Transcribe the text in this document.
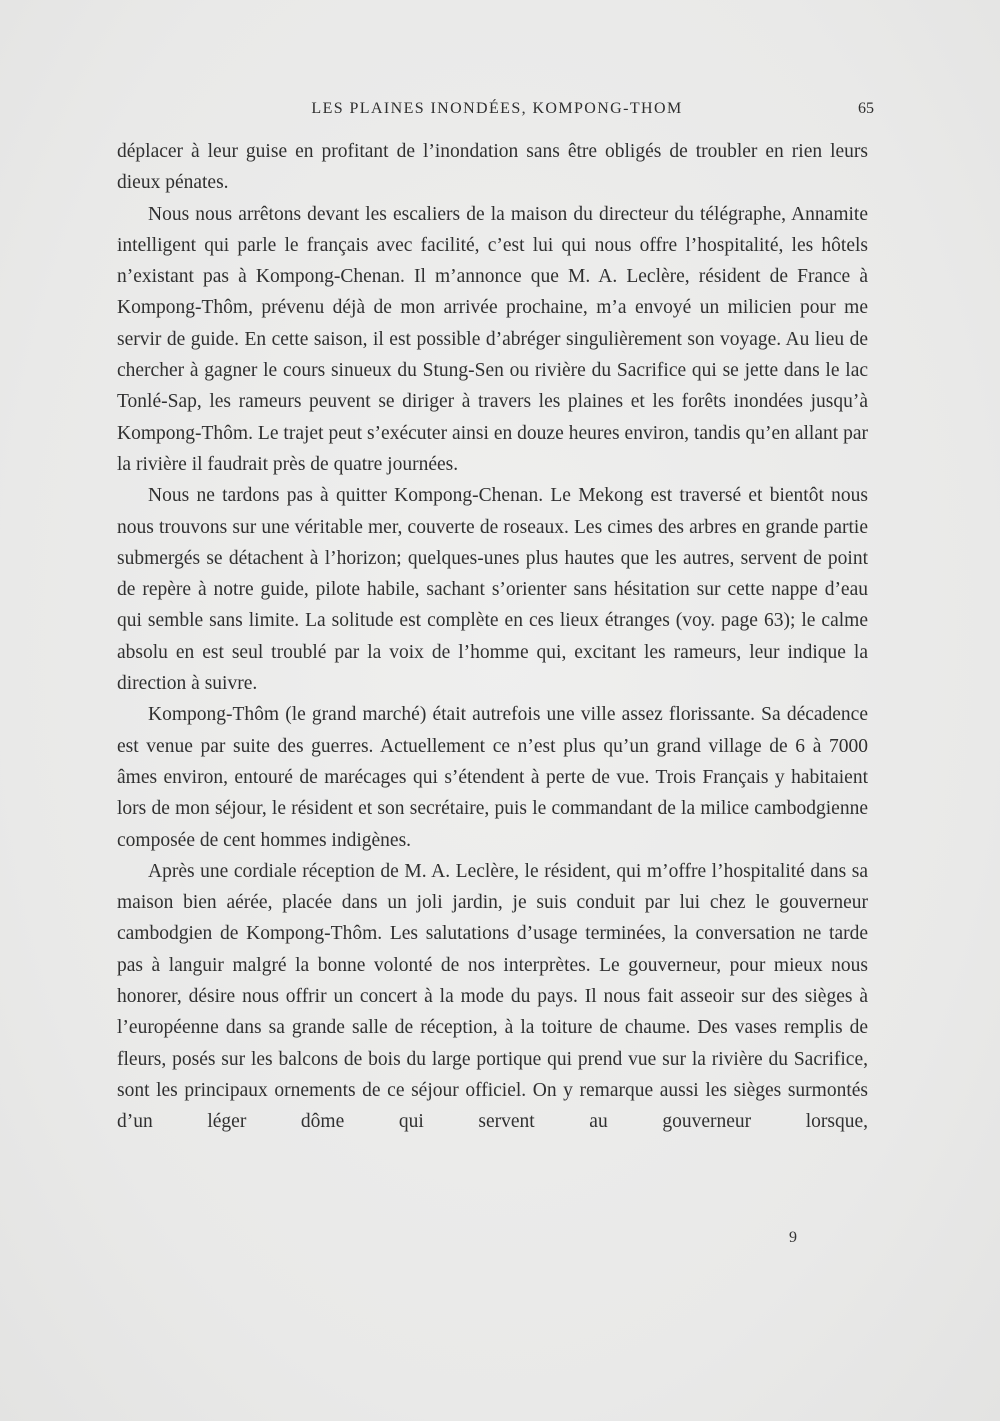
LES PLAINES INONDÉES, KOMPONG-THOM	65

déplacer à leur guise en profitant de l’inondation sans être obligés de troubler en rien leurs dieux pénates.

Nous nous arrêtons devant les escaliers de la maison du directeur du télégraphe, Annamite intelligent qui parle le français avec facilité, c’est lui qui nous offre l’hospitalité, les hôtels n’existant pas à Kompong-Chenan. Il m’annonce que M. A. Leclère, résident de France à Kompong-Thôm, prévenu déjà de mon arrivée prochaine, m’a envoyé un milicien pour me servir de guide. En cette saison, il est possible d’abréger singulièrement son voyage. Au lieu de chercher à gagner le cours sinueux du Stung-Sen ou rivière du Sacrifice qui se jette dans le lac Tonlé-Sap, les rameurs peuvent se diriger à travers les plaines et les forêts inondées jusqu’à Kompong-Thôm. Le trajet peut s’exécuter ainsi en douze heures environ, tandis qu’en allant par la rivière il faudrait près de quatre journées.

Nous ne tardons pas à quitter Kompong-Chenan. Le Mekong est traversé et bientôt nous nous trouvons sur une véritable mer, couverte de roseaux. Les cimes des arbres en grande partie submergés se détachent à l’horizon; quelques-unes plus hautes que les autres, servent de point de repère à notre guide, pilote habile, sachant s’orienter sans hésitation sur cette nappe d’eau qui semble sans limite. La solitude est complète en ces lieux étranges (voy. page 63); le calme absolu en est seul troublé par la voix de l’homme qui, excitant les rameurs, leur indique la direction à suivre.

Kompong-Thôm (le grand marché) était autrefois une ville assez florissante. Sa décadence est venue par suite des guerres. Actuellement ce n’est plus qu’un grand village de 6 à 7000 âmes environ, entouré de marécages qui s’étendent à perte de vue. Trois Français y habitaient lors de mon séjour, le résident et son secrétaire, puis le commandant de la milice cambodgienne composée de cent hommes indigènes.

Après une cordiale réception de M. A. Leclère, le résident, qui m’offre l’hospitalité dans sa maison bien aérée, placée dans un joli jardin, je suis conduit par lui chez le gouverneur cambodgien de Kompong-Thôm. Les salutations d’usage terminées, la conversation ne tarde pas à languir malgré la bonne volonté de nos interprètes. Le gouverneur, pour mieux nous honorer, désire nous offrir un concert à la mode du pays. Il nous fait asseoir sur des sièges à l’européenne dans sa grande salle de réception, à la toiture de chaume. Des vases remplis de fleurs, posés sur les balcons de bois du large portique qui prend vue sur la rivière du Sacrifice, sont les principaux ornements de ce séjour officiel. On y remarque aussi les sièges surmontés d’un léger dôme qui servent au gouverneur lorsque,

9
